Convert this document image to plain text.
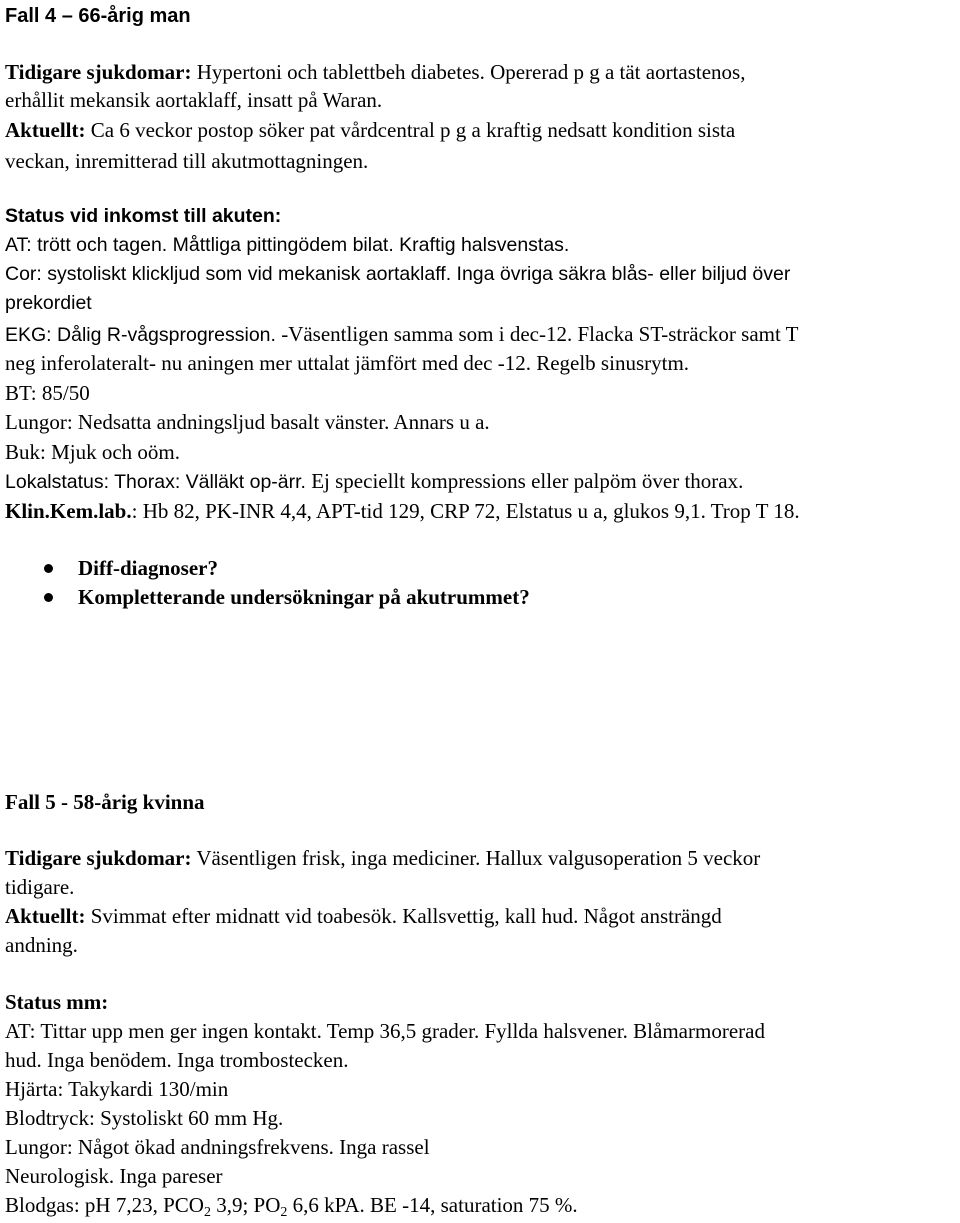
Fall 4 – 66-årig man
Tidigare sjukdomar: Hypertoni och tablettbeh diabetes. Opererad p g a tät aortastenos,
erhållit mekansik aortaklaff, insatt på Waran.
Aktuellt: Ca 6 veckor postop söker pat vårdcentral p g a kraftig nedsatt kondition sista
veckan, inremitterad till akutmottagningen.
Status vid inkomst till akuten:
AT: trött och tagen. Måttliga pittingödem bilat. Kraftig halsvenstas.
Cor: systoliskt klickljud som vid mekanisk aortaklaff. Inga övriga säkra blås- eller biljud över
prekordiet
EKG: Dålig R-vågsprogression. -Väsentligen samma som i dec-12. Flacka ST-sträckor samt T
neg inferolateralt- nu aningen mer uttalat jämfört med dec -12. Regelb sinusrytm.
BT: 85/50
Lungor: Nedsatta andningsljud basalt vänster. Annars u a.
Buk: Mjuk och oöm.
Lokalstatus: Thorax: Välläkt op-ärr. Ej speciellt kompressions eller palpöm över thorax.
Klin.Kem.lab.: Hb 82, PK-INR 4,4, APT-tid 129, CRP 72, Elstatus u a, glukos 9,1. Trop T 18.
Diff-diagnoser?
Kompletterande undersökningar på akutrummet?
Fall 5 - 58-årig kvinna
Tidigare sjukdomar: Väsentligen frisk, inga mediciner. Hallux valgusoperation 5 veckor
tidigare.
Aktuellt: Svimmat efter midnatt vid toabesök. Kallsvettig, kall hud. Något ansträngd
andning.
Status mm:
AT: Tittar upp men ger ingen kontakt. Temp 36,5 grader. Fyllda halsvener. Blåmarmorerad
hud. Inga benödem. Inga trombostecken.
Hjärta: Takykardi 130/min
Blodtryck: Systoliskt 60 mm Hg.
Lungor: Något ökad andningsfrekvens. Inga rassel
Neurologisk. Inga pareser
Blodgas: pH 7,23, $PCO_2$ 3,9; $PO_2$ 6,6 kPA. BE -14, saturation 75 %.
